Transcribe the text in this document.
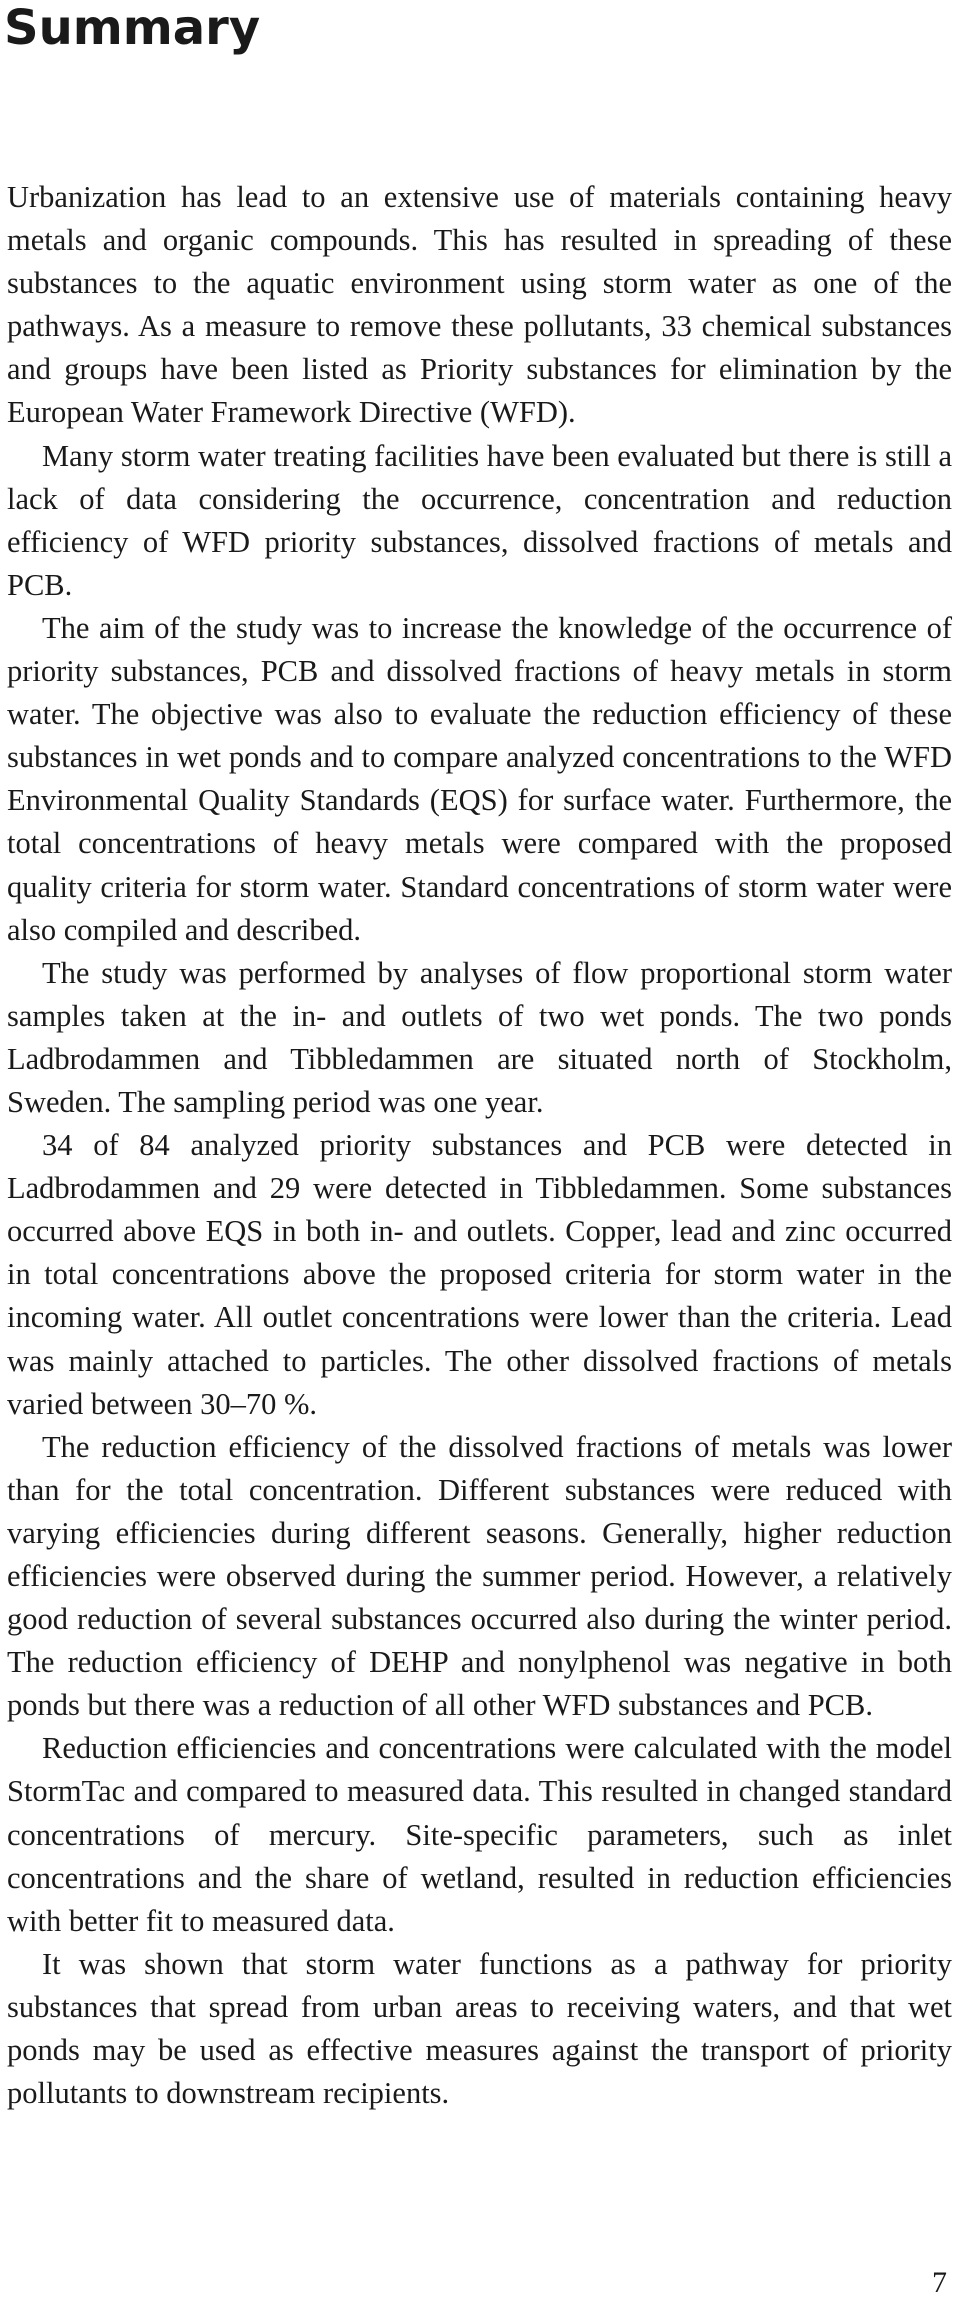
Summary

Urbanization has lead to an extensive use of materials containing heavy metals and organic compounds. This has resulted in spreading of these substances to the aquatic environment using storm water as one of the pathways. As a measure to remove these pollutants, 33 chemical substances and groups have been listed as Priority substances for elimination by the European Water Framework Directive (WFD).

Many storm water treating facilities have been evaluated but there is still a lack of data considering the occurrence, concentration and reduction efficiency of WFD priority substances, dissolved fractions of metals and PCB.

The aim of the study was to increase the knowledge of the occurrence of priority substances, PCB and dissolved fractions of heavy metals in storm water. The objective was also to evaluate the reduction efficiency of these substances in wet ponds and to compare analyzed concentrations to the WFD Environmental Quality Standards (EQS) for surface water. Furthermore, the total concentrations of heavy metals were compared with the proposed quality criteria for storm water. Standard concentrations of storm water were also compiled and described.

The study was performed by analyses of flow proportional storm water samples taken at the in- and outlets of two wet ponds. The two ponds Ladbrodammen and Tibbledammen are situated north of Stockholm, Sweden. The sampling period was one year.

34 of 84 analyzed priority substances and PCB were detected in Ladbrodammen and 29 were detected in Tibbledammen. Some substances occurred above EQS in both in- and outlets. Copper, lead and zinc occurred in total concentrations above the proposed criteria for storm water in the incoming water. All outlet concentrations were lower than the criteria. Lead was mainly attached to particles. The other dissolved fractions of metals varied between 30–70 %.

The reduction efficiency of the dissolved fractions of metals was lower than for the total concentration. Different substances were reduced with varying efficiencies during different seasons. Generally, higher reduction efficiencies were observed during the summer period. However, a relatively good reduction of several substances occurred also during the winter period. The reduction efficiency of DEHP and nonylphenol was negative in both ponds but there was a reduction of all other WFD substances and PCB.

Reduction efficiencies and concentrations were calculated with the model StormTac and compared to measured data. This resulted in changed standard concentrations of mercury. Site-specific parameters, such as inlet concentrations and the share of wetland, resulted in reduction efficiencies with better fit to measured data.

It was shown that storm water functions as a pathway for priority substances that spread from urban areas to receiving waters, and that wet ponds may be used as effective measures against the transport of priority pollutants to downstream recipients.

7
